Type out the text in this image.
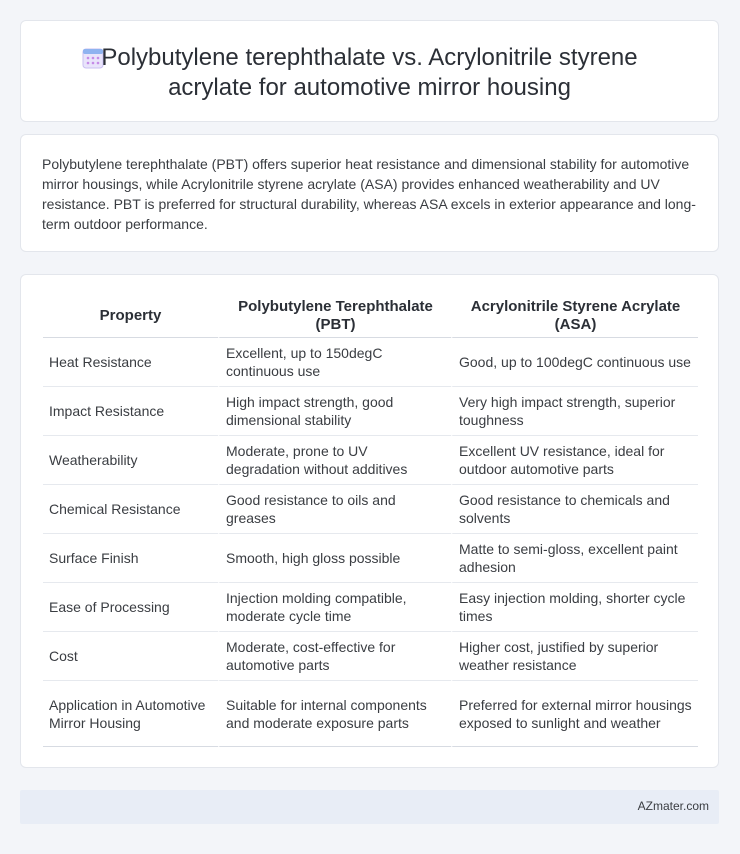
Polybutylene terephthalate vs. Acrylonitrile styrene
acrylate for automotive mirror housing

Polybutylene terephthalate (PBT) offers superior heat resistance and dimensional stability for automotive mirror housings, while Acrylonitrile styrene acrylate (ASA) provides enhanced weatherability and UV resistance. PBT is preferred for structural durability, whereas ASA excels in exterior appearance and long-term outdoor performance.

Property	Polybutylene Terephthalate (PBT)	Acrylonitrile Styrene Acrylate (ASA)
Heat Resistance	Excellent, up to 150degC continuous use	Good, up to 100degC continuous use
Impact Resistance	High impact strength, good dimensional stability	Very high impact strength, superior toughness
Weatherability	Moderate, prone to UV degradation without additives	Excellent UV resistance, ideal for outdoor automotive parts
Chemical Resistance	Good resistance to oils and greases	Good resistance to chemicals and solvents
Surface Finish	Smooth, high gloss possible	Matte to semi-gloss, excellent paint adhesion
Ease of Processing	Injection molding compatible, moderate cycle time	Easy injection molding, shorter cycle times
Cost	Moderate, cost-effective for automotive parts	Higher cost, justified by superior weather resistance
Application in Automotive Mirror Housing	Suitable for internal components and moderate exposure parts	Preferred for external mirror housings exposed to sunlight and weather
AZmater.com
